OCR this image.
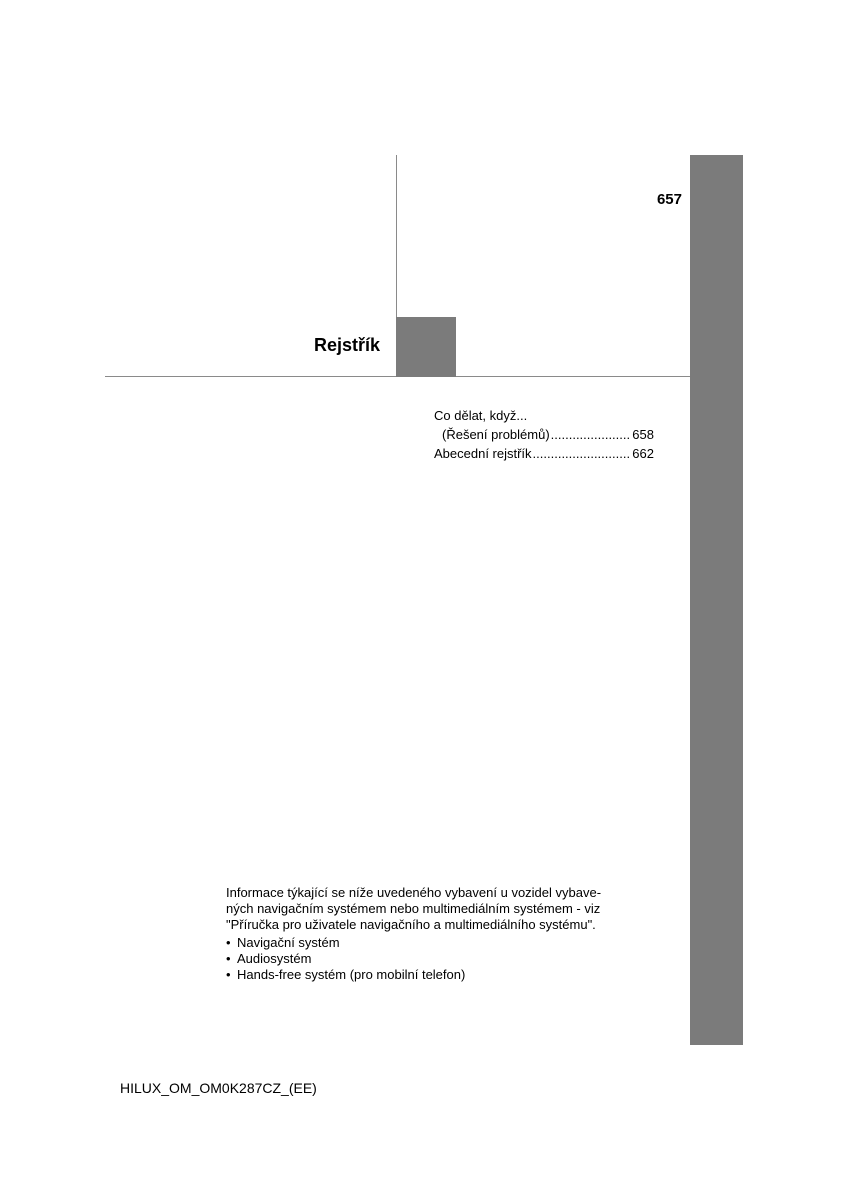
657
Rejstřík
Co dělat, když...
(Řešení problémů) .....	658
Abecední rejstřík .....	662

Informace týkající se níže uvedeného vybavení u vozidel vybave-ných navigačním systémem nebo multimediálním systémem - viz "Příručka pro uživatele navigačního a multimediálního systému".

• Navigační systém
• Audiosystém
• Hands-free systém (pro mobilní telefon)
HILUX_OM_OM0K287CZ_(EE)
